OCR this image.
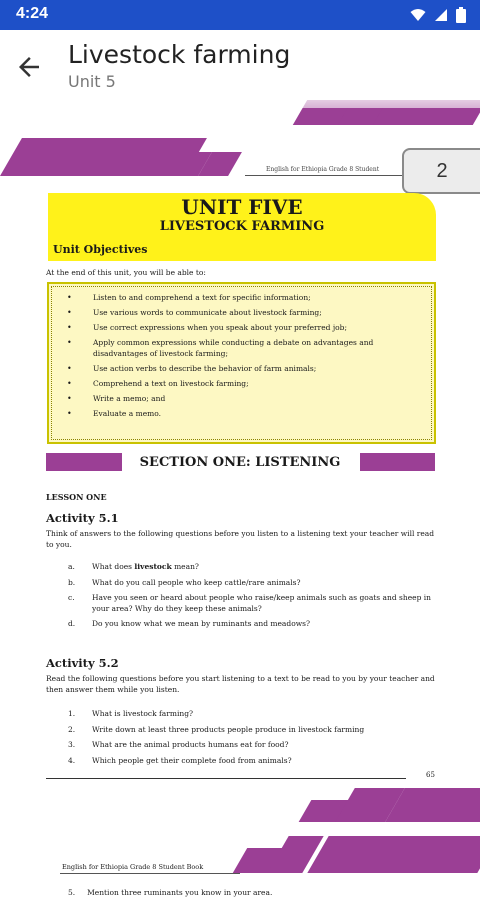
English for Ethiopia Grade 8 Student	2
UNIT FIVE
LIVESTOCK FARMING
Unit Objectives
At the end of this unit, you will be able to:
• Listen to and comprehend a text for specific information;
• Use various words to communicate about livestock farming;
• Use correct expressions when you speak about your preferred job;
• Apply common expressions while conducting a debate on advantages and disadvantages of livestock farming;
• Use action verbs to describe the behavior of farm animals;
• Comprehend a text on livestock farming;
• Write a memo; and
• Evaluate a memo.
SECTION ONE: LISTENING
LESSON ONE
Activity 5.1
Think of answers to the following questions before you listen to a listening text your teacher will read to you.
a. What does livestock mean?
b. What do you call people who keep cattle/rare animals?
c. Have you seen or heard about people who raise/keep animals such as goats and sheep in your area? Why do they keep these animals?
d. Do you know what we mean by ruminants and meadows?
Activity 5.2
Read the following questions before you start listening to a text to be read to you by your teacher and then answer them while you listen.
1. What is livestock farming?
2. Write down at least three products people produce in livestock farming
3. What are the animal products humans eat for food?
4. Which people get their complete food from animals?
65
English for Ethiopia Grade 8 Student Book
5. Mention three ruminants you know in your area.
Livestock farming
Unit 5
4:24
